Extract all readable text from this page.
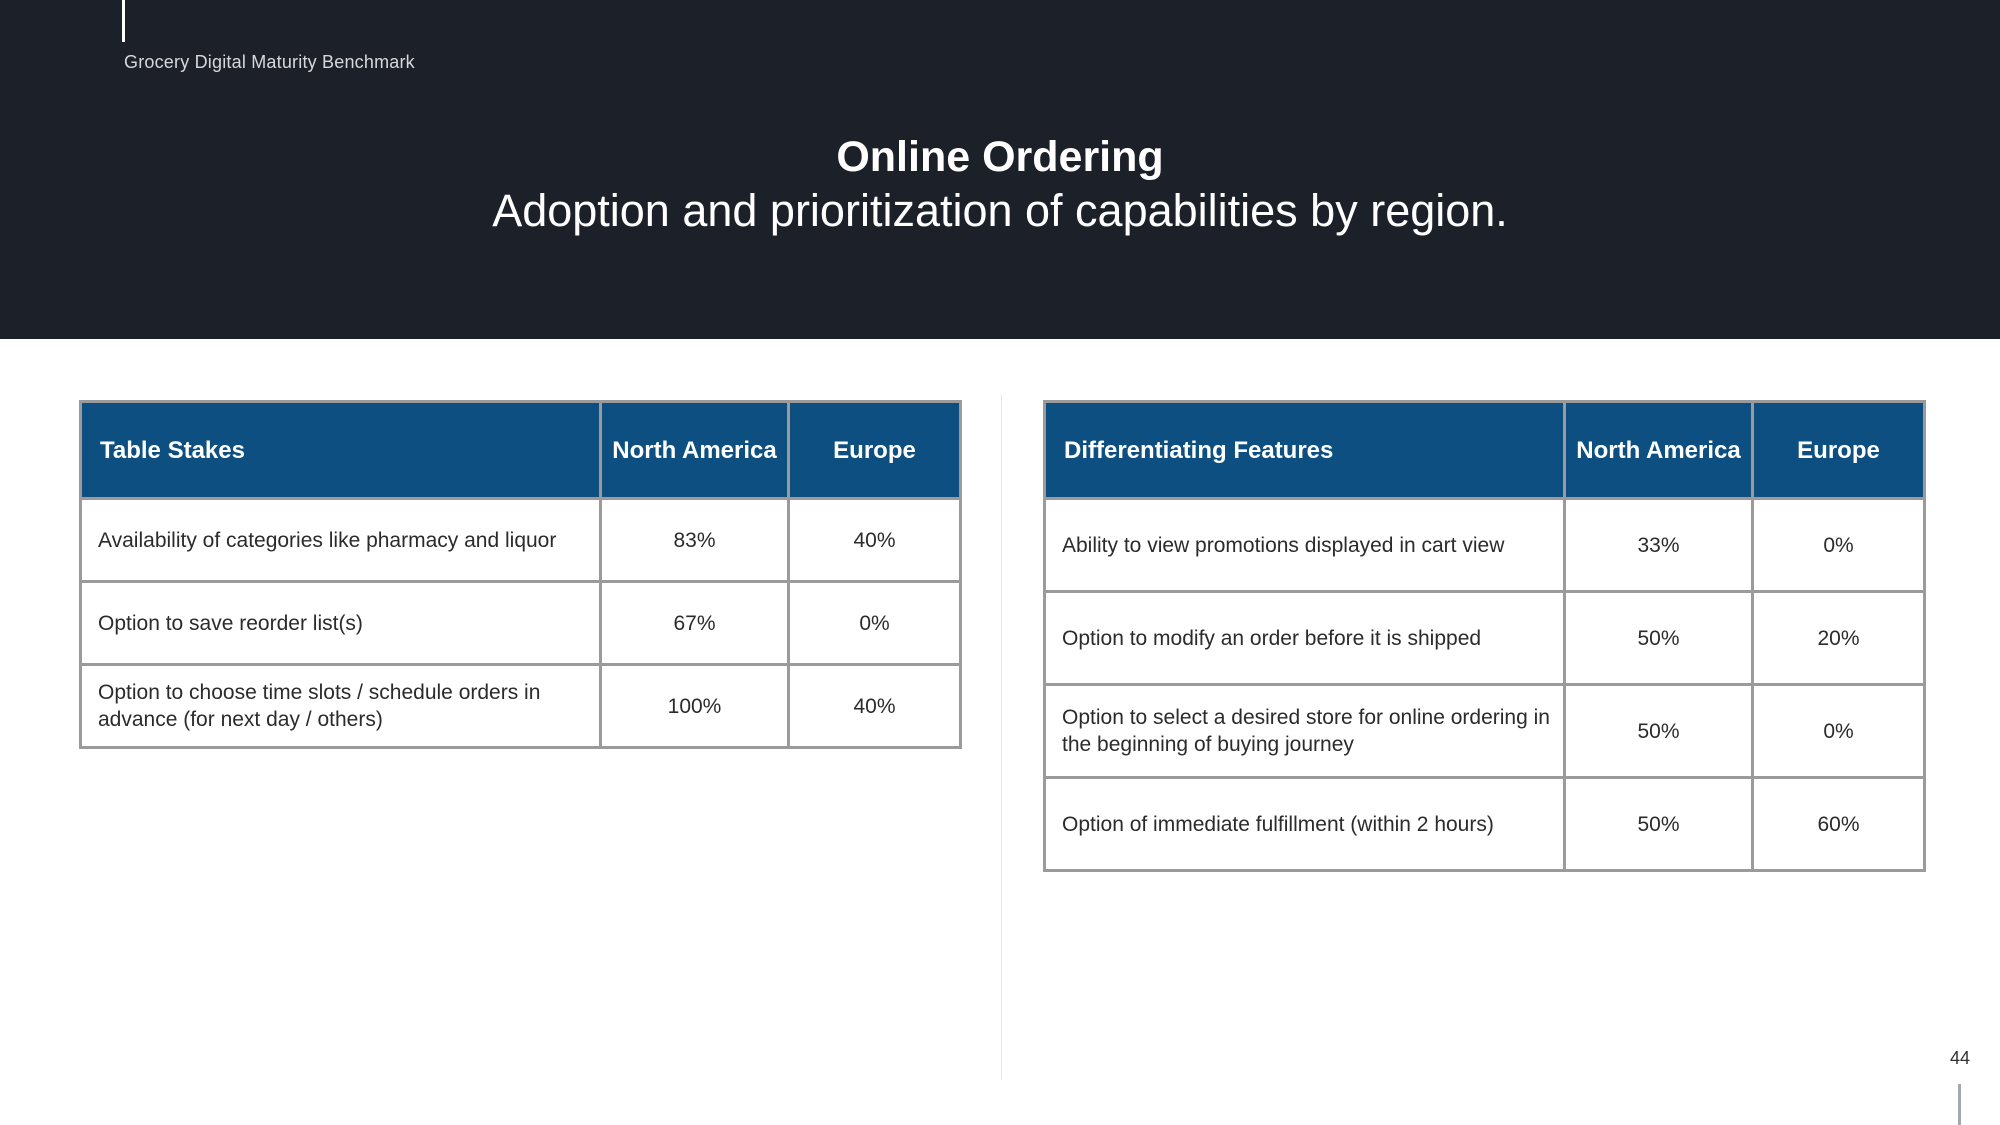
Grocery Digital Maturity Benchmark
Online Ordering
Adoption and prioritization of capabilities by region.
Table Stakes	North America	Europe
Availability of categories like pharmacy and liquor	83%	40%
Option to save reorder list(s)	67%	0%
Option to choose time slots / schedule orders in advance (for next day / others)	100%	40%
Differentiating Features	North America	Europe
Ability to view promotions displayed in cart view	33%	0%
Option to modify an order before it is shipped	50%	20%
Option to select a desired store for online ordering in the beginning of buying journey	50%	0%
Option of immediate fulfillment (within 2 hours)	50%	60%
44
